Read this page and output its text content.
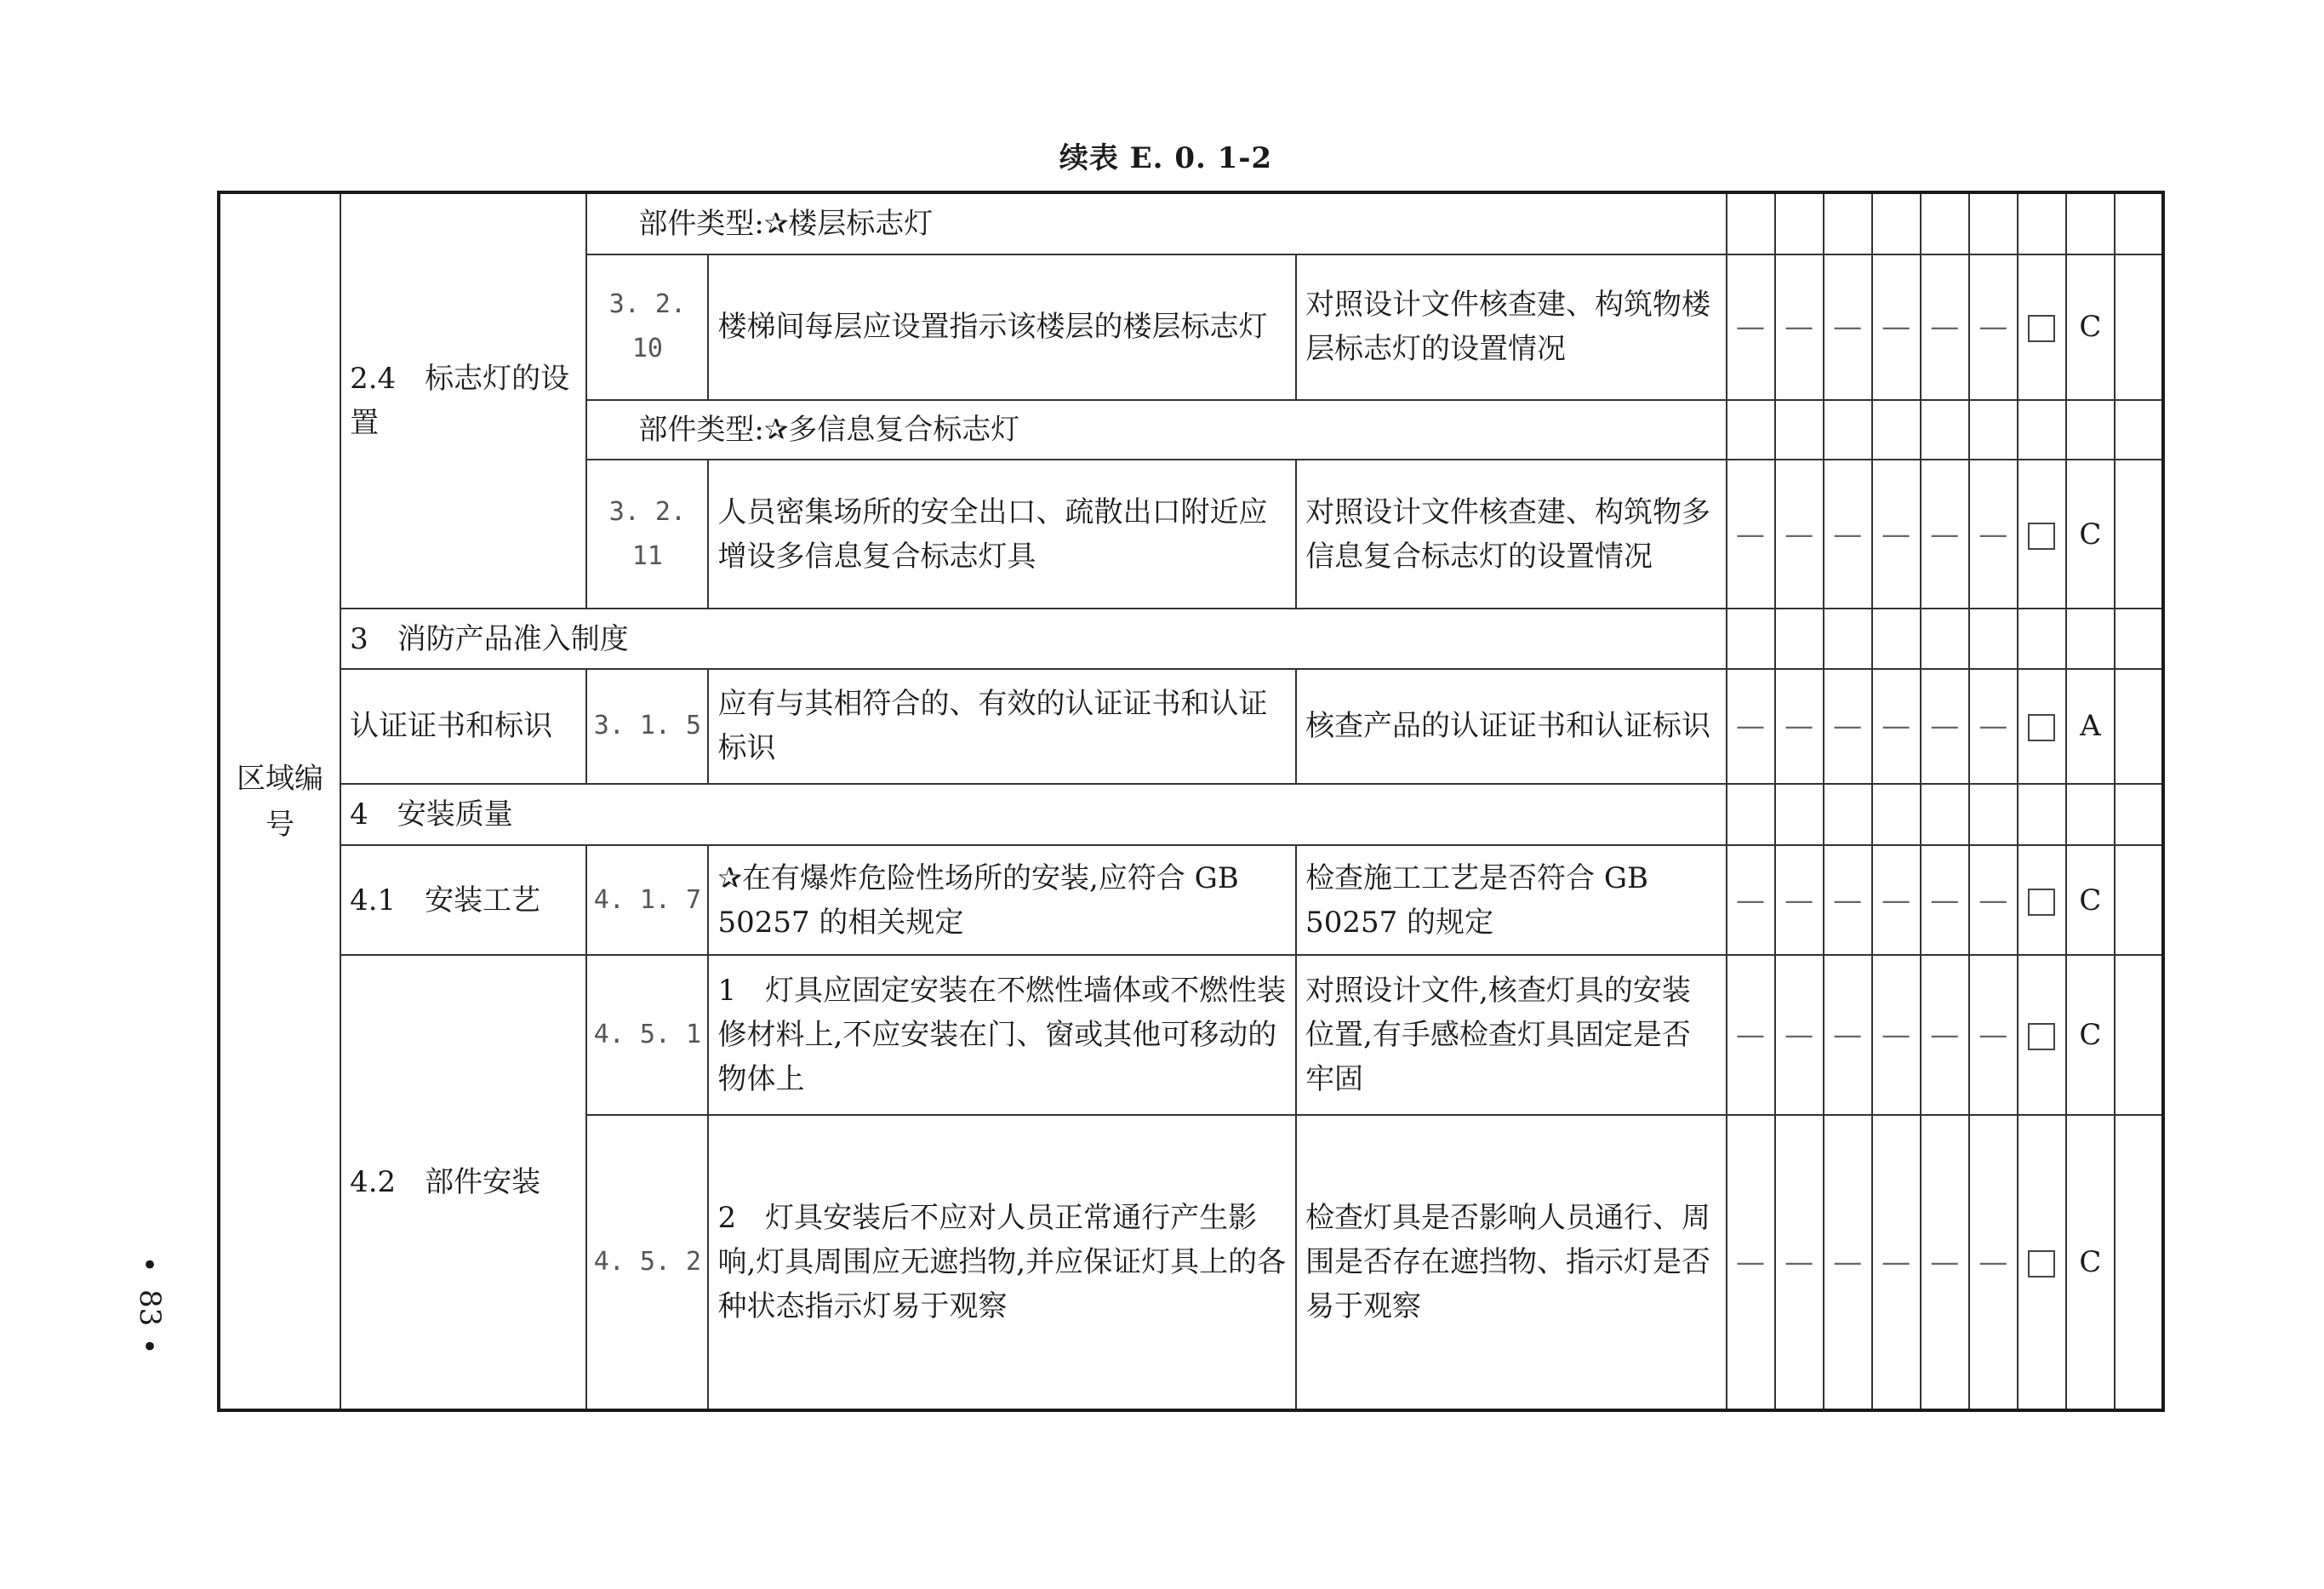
续表 E. 0. 1-2
•
83
•
区域编号	2.4　标志灯的设置	部件类型:✰楼层标志灯											
		3. 2. 10	楼梯间每层应设置指示该楼层的楼层标志灯	对照设计文件核查建、构筑物楼层标志灯的设置情况	—	—	—	—	—	—		C	
		部件类型:✰多信息复合标志灯											
		3. 2. 11	人员密集场所的安全出口、疏散出口附近应增设多信息复合标志灯具	对照设计文件核查建、构筑物多信息复合标志灯的设置情况	—	—	—	—	—	—		C	
	3　消防产品准入制度												
	认证证书和标识	3. 1. 5	应有与其相符合的、有效的认证证书和认证标识	核查产品的认证证书和认证标识	—	—	—	—	—	—		A	
	4　安装质量												
	4.1　安装工艺	4. 1. 7	✰在有爆炸危险性场所的安装,应符合 GB 50257 的相关规定	检查施工工艺是否符合 GB 50257 的规定	—	—	—	—	—	—		C	
	4.2　部件安装	4. 5. 1	1　灯具应固定安装在不燃性墙体或不燃性装修材料上,不应安装在门、窗或其他可移动的物体上	对照设计文件,核查灯具的安装位置,有手感检查灯具固定是否牢固	—	—	—	—	—	—		C	
		4. 5. 2	2　灯具安装后不应对人员正常通行产生影响,灯具周围应无遮挡物,并应保证灯具上的各种状态指示灯易于观察	检查灯具是否影响人员通行、周围是否存在遮挡物、指示灯是否易于观察	—	—	—	—	—	—		C	
